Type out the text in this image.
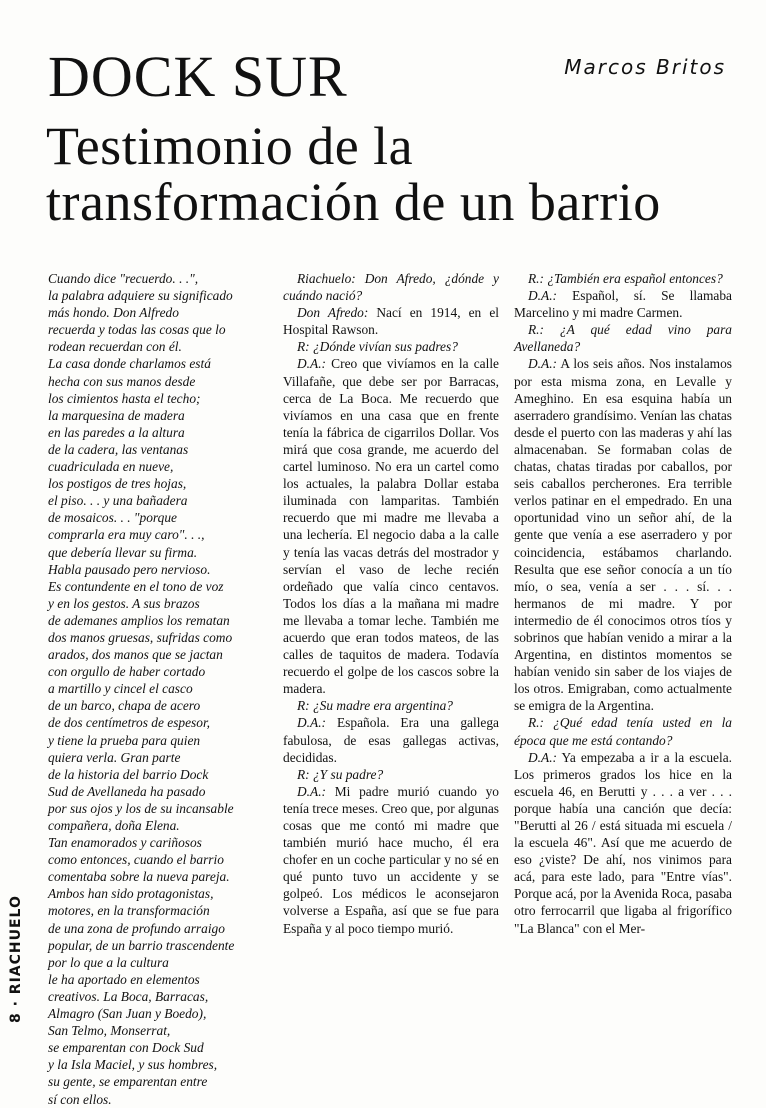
Marcos Britos
DOCK SUR
Testimonio de la transformación de un barrio

Cuando dice "recuerdo. . .",

la palabra adquiere su significado

más hondo. Don Alfredo

recuerda y todas las cosas que lo

rodean recuerdan con él.

La casa donde charlamos está

hecha con sus manos desde

los cimientos hasta el techo;

la marquesina de madera

en las paredes a la altura

de la cadera, las ventanas

cuadriculada en nueve,

los postigos de tres hojas,

el piso. . . y una bañadera

de mosaicos. . . "porque

comprarla era muy caro". . .,

que debería llevar su firma.

Habla pausado pero nervioso.

Es contundente en el tono de voz

y en los gestos. A sus brazos

de ademanes amplios los rematan

dos manos gruesas, sufridas como

arados, dos manos que se jactan

con orgullo de haber cortado

a martillo y cincel el casco

de un barco, chapa de acero

de dos centímetros de espesor,

y tiene la prueba para quien

quiera verla. Gran parte

de la historia del barrio Dock

Sud de Avellaneda ha pasado

por sus ojos y los de su incansable

compañera, doña Elena.

Tan enamorados y cariñosos

como entonces, cuando el barrio

comentaba sobre la nueva pareja.

Ambos han sido protagonistas,

motores, en la transformación

de una zona de profundo arraigo

popular, de un barrio trascendente

por lo que a la cultura

le ha aportado en elementos

creativos. La Boca, Barracas,

Almagro (San Juan y Boedo),

San Telmo, Monserrat,

se emparentan con Dock Sud

y la Isla Maciel, y sus hombres,

su gente, se emparentan entre

sí con ellos.

Riachuelo: Don Afredo, ¿dónde y cuándo nació?

Don Afredo: Nací en 1914, en el Hospital Rawson.

R: ¿Dónde vivían sus padres?

D.A.: Creo que vivíamos en la calle Villafañe, que debe ser por Barracas, cerca de La Boca. Me recuerdo que vivíamos en una casa que en frente tenía la fábrica de cigarrilos Dollar. Vos mirá que cosa grande, me acuerdo del cartel luminoso. No era un cartel como los actuales, la palabra Dollar estaba iluminada con lamparitas. También recuerdo que mi madre me llevaba a una lechería. El negocio daba a la calle y tenía las vacas detrás del mostrador y servían el vaso de leche recién ordeñado que valía cinco centavos. Todos los días a la mañana mi madre me llevaba a tomar leche. También me acuerdo que eran todos mateos, de las calles de taquitos de madera. Todavía recuerdo el golpe de los cascos sobre la madera.

R: ¿Su madre era argentina?

D.A.: Española. Era una gallega fabulosa, de esas gallegas activas, decididas.

R: ¿Y su padre?

D.A.: Mi padre murió cuando yo tenía trece meses. Creo que, por algunas cosas que me contó mi madre que también murió hace mucho, él era chofer en un coche particular y no sé en qué punto tuvo un accidente y se golpeó. Los médicos le aconsejaron volverse a España, así que se fue para España y al poco tiempo murió.

R.: ¿También era español entonces?

D.A.: Español, sí. Se llamaba Marcelino y mi madre Carmen.

R.: ¿A qué edad vino para Avellaneda?

D.A.: A los seis años. Nos instalamos por esta misma zona, en Levalle y Ameghino. En esa esquina había un aserradero grandísimo. Venían las chatas desde el puerto con las maderas y ahí las almacenaban. Se formaban colas de chatas, chatas tiradas por caballos, por seis caballos percherones. Era terrible verlos patinar en el empedrado. En una oportunidad vino un señor ahí, de la gente que venía a ese aserradero y por coincidencia, estábamos charlando. Resulta que ese señor conocía a un tío mío, o sea, venía a ser . . . sí. . . hermanos de mi madre. Y por intermedio de él conocimos otros tíos y sobrinos que habían venido a mirar a la Argentina, en distintos momentos se habían venido sin saber de los viajes de los otros. Emigraban, como actualmente se emigra de la Argentina.

R.: ¿Qué edad tenía usted en la época que me está contando?

D.A.: Ya empezaba a ir a la escuela. Los primeros grados los hice en la escuela 46, en Berutti y . . . a ver . . . porque había una canción que decía: "Berutti al 26 / está situada mi escuela / la escuela 46". Así que me acuerdo de eso ¿viste? De ahí, nos vinimos para acá, para este lado, para "Entre vías". Porque acá, por la Avenida Roca, pasaba otro ferrocarril que ligaba al frigorífico "La Blanca" con el Mer-

8 · RIACHUELO
